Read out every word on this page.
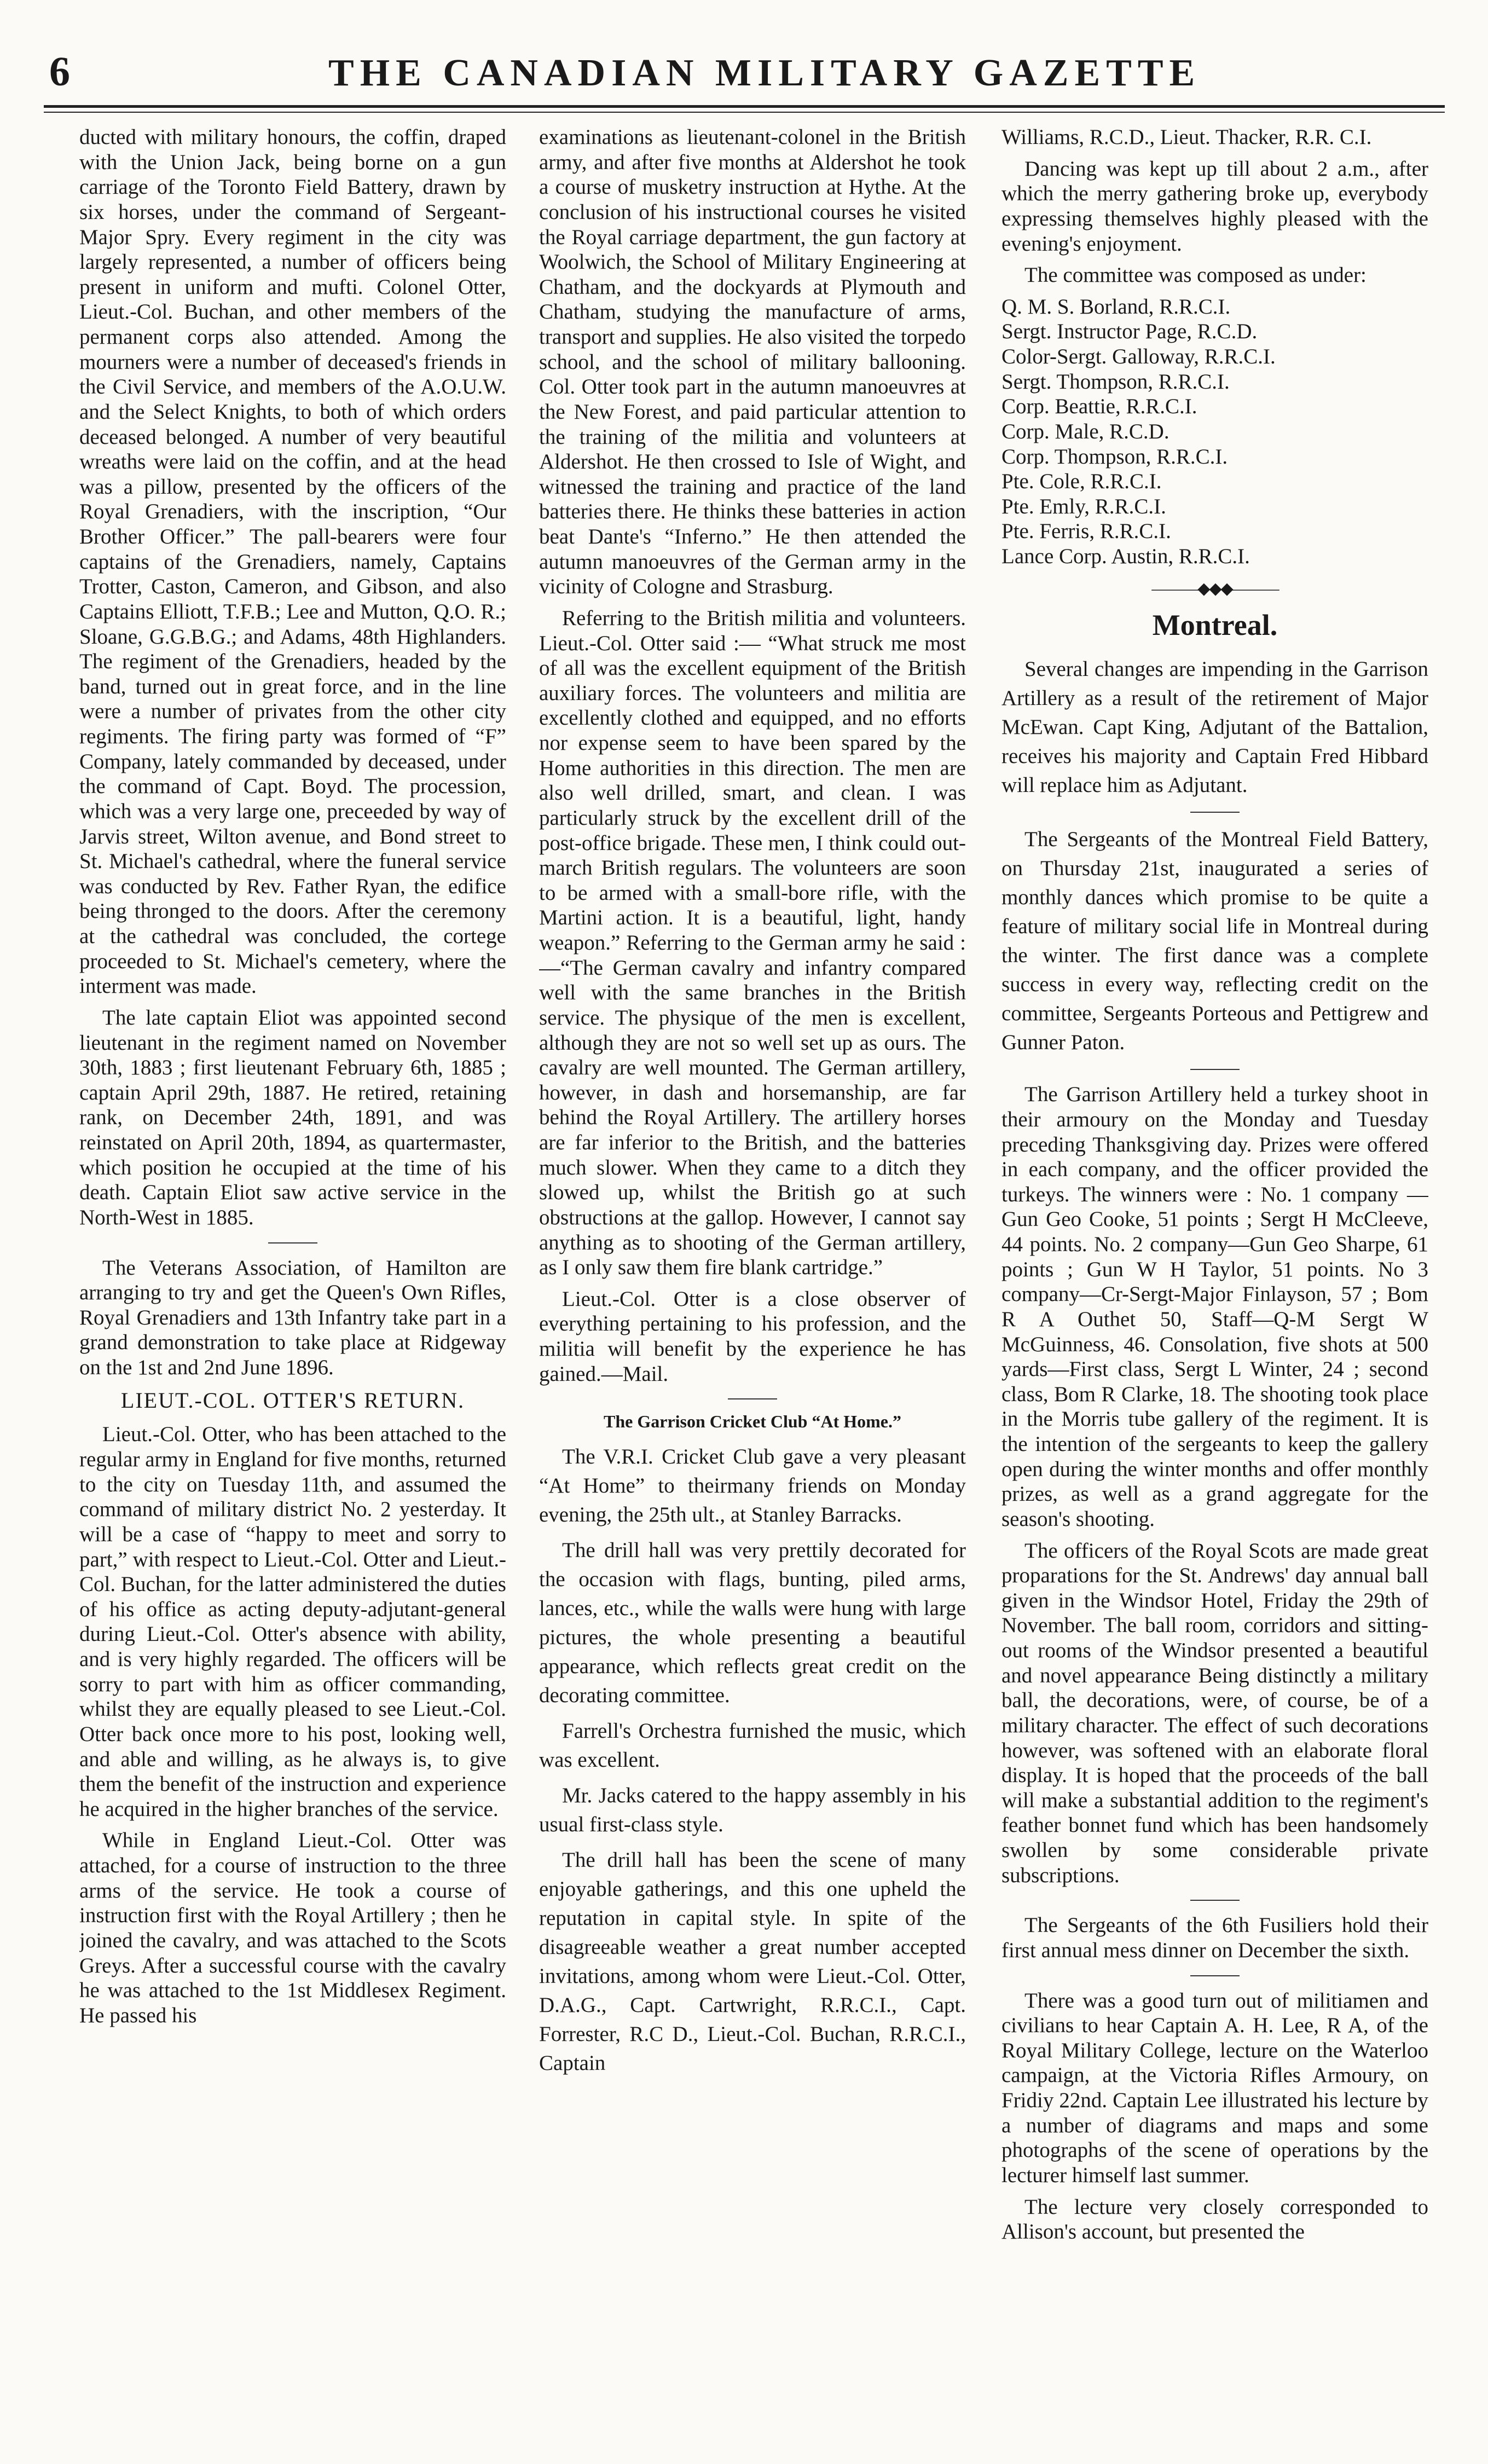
6	THE CANADIAN MILITARY GAZETTE

ducted with military honours, the coffin, draped with the Union Jack, being borne on a gun carriage of the Toronto Field Battery, drawn by six horses, under the command of Sergeant-Major Spry. Every regiment in the city was largely represented, a number of officers being present in uniform and mufti. Colonel Otter, Lieut.-Col. Buchan, and other members of the permanent corps also attended. Among the mourners were a number of deceased's friends in the Civil Service, and members of the A.O.U.W. and the Select Knights, to both of which orders deceased belonged. A number of very beautiful wreaths were laid on the coffin, and at the head was a pillow, presented by the officers of the Royal Grenadiers, with the inscription, “Our Brother Officer.” The pall-bearers were four captains of the Grenadiers, namely, Captains Trotter, Caston, Cameron, and Gibson, and also Captains Elliott, T.F.B.; Lee and Mutton, Q.O. R.; Sloane, G.G.B.G.; and Adams, 48th Highlanders. The regiment of the Grenadiers, headed by the band, turned out in great force, and in the line were a number of privates from the other city regiments. The firing party was formed of “F” Company, lately commanded by deceased, under the command of Capt. Boyd. The procession, which was a very large one, preceeded by way of Jarvis street, Wilton avenue, and Bond street to St. Michael's cathedral, where the funeral service was conducted by Rev. Father Ryan, the edifice being thronged to the doors. After the ceremony at the cathedral was concluded, the cortege proceeded to St. Michael's cemetery, where the interment was made.

The late captain Eliot was appointed second lieutenant in the regiment named on November 30th, 1883 ; first lieutenant February 6th, 1885 ; captain April 29th, 1887. He retired, retaining rank, on December 24th, 1891, and was reinstated on April 20th, 1894, as quartermaster, which position he occupied at the time of his death. Captain Eliot saw active service in the North-West in 1885.

The Veterans Association, of Hamilton are arranging to try and get the Queen's Own Rifles, Royal Grenadiers and 13th Infantry take part in a grand demonstration to take place at Ridgeway on the 1st and 2nd June 1896.

LIEUT.-COL. OTTER'S RETURN.

Lieut.-Col. Otter, who has been attached to the regular army in England for five months, returned to the city on Tuesday 11th, and assumed the command of military district No. 2 yesterday. It will be a case of “happy to meet and sorry to part,” with respect to Lieut.-Col. Otter and Lieut.-Col. Buchan, for the latter administered the duties of his office as acting deputy-adjutant-general during Lieut.-Col. Otter's absence with ability, and is very highly regarded. The officers will be sorry to part with him as officer commanding, whilst they are equally pleased to see Lieut.-Col. Otter back once more to his post, looking well, and able and willing, as he always is, to give them the benefit of the instruction and experience he acquired in the higher branches of the service.

While in England Lieut.-Col. Otter was attached, for a course of instruction to the three arms of the service. He took a course of instruction first with the Royal Artillery ; then he joined the cavalry, and was attached to the Scots Greys. After a successful course with the cavalry he was attached to the 1st Middlesex Regiment. He passed his

examinations as lieutenant-colonel in the British army, and after five months at Aldershot he took a course of musketry instruction at Hythe. At the conclusion of his instructional courses he visited the Royal carriage department, the gun factory at Woolwich, the School of Military Engineering at Chatham, and the dockyards at Plymouth and Chatham, studying the manufacture of arms, transport and supplies. He also visited the torpedo school, and the school of military ballooning. Col. Otter took part in the autumn manoeuvres at the New Forest, and paid particular attention to the training of the militia and volunteers at Aldershot. He then crossed to Isle of Wight, and witnessed the training and practice of the land batteries there. He thinks these batteries in action beat Dante's “Inferno.” He then attended the autumn manoeuvres of the German army in the vicinity of Cologne and Strasburg.

Referring to the British militia and volunteers. Lieut.-Col. Otter said :— “What struck me most of all was the excellent equipment of the British auxiliary forces. The volunteers and militia are excellently clothed and equipped, and no efforts nor expense seem to have been spared by the Home authorities in this direction. The men are also well drilled, smart, and clean. I was particularly struck by the excellent drill of the post-office brigade. These men, I think could out-march British regulars. The volunteers are soon to be armed with a small-bore rifle, with the Martini action. It is a beautiful, light, handy weapon.” Referring to the German army he said : —“The German cavalry and infantry compared well with the same branches in the British service. The physique of the men is excellent, although they are not so well set up as ours. The cavalry are well mounted. The German artillery, however, in dash and horsemanship, are far behind the Royal Artillery. The artillery horses are far inferior to the British, and the batteries much slower. When they came to a ditch they slowed up, whilst the British go at such obstructions at the gallop. However, I cannot say anything as to shooting of the German artillery, as I only saw them fire blank cartridge.”

Lieut.-Col. Otter is a close observer of everything pertaining to his profession, and the militia will benefit by the experience he has gained.—Mail.

The Garrison Cricket Club “At Home.”

The V.R.I. Cricket Club gave a very pleasant “At Home” to theirmany friends on Monday evening, the 25th ult., at Stanley Barracks.

The drill hall was very prettily decorated for the occasion with flags, bunting, piled arms, lances, etc., while the walls were hung with large pictures, the whole presenting a beautiful appearance, which reflects great credit on the decorating committee.

Farrell's Orchestra furnished the music, which was excellent.

Mr. Jacks catered to the happy assembly in his usual first-class style.

The drill hall has been the scene of many enjoyable gatherings, and this one upheld the reputation in capital style. In spite of the disagreeable weather a great number accepted invitations, among whom were Lieut.-Col. Otter, D.A.G., Capt. Cartwright, R.R.C.I., Capt. Forrester, R.C D., Lieut.-Col. Buchan, R.R.C.I., Captain

Williams, R.C.D., Lieut. Thacker, R.R. C.I.

Dancing was kept up till about 2 a.m., after which the merry gathering broke up, everybody expressing themselves highly pleased with the evening's enjoyment.

The committee was composed as under:

Q. M. S. Borland, R.R.C.I.
Sergt. Instructor Page, R.C.D.
Color-Sergt. Galloway, R.R.C.I.
Sergt. Thompson, R.R.C.I.
Corp. Beattie, R.R.C.I.
Corp. Male, R.C.D.
Corp. Thompson, R.R.C.I.
Pte. Cole, R.R.C.I.
Pte. Emly, R.R.C.I.
Pte. Ferris, R.R.C.I.
Lance Corp. Austin, R.R.C.I.
———◆◆◆———
Montreal.

Several changes are impending in the Garrison Artillery as a result of the retirement of Major McEwan. Capt King, Adjutant of the Battalion, receives his majority and Captain Fred Hibbard will replace him as Adjutant.

The Sergeants of the Montreal Field Battery, on Thursday 21st, inaugurated a series of monthly dances which promise to be quite a feature of military social life in Montreal during the winter. The first dance was a complete success in every way, reflecting credit on the committee, Sergeants Porteous and Pettigrew and Gunner Paton.

The Garrison Artillery held a turkey shoot in their armoury on the Monday and Tuesday preceding Thanksgiving day. Prizes were offered in each company, and the officer provided the turkeys. The winners were : No. 1 company —Gun Geo Cooke, 51 points ; Sergt H McCleeve, 44 points. No. 2 company—Gun Geo Sharpe, 61 points ; Gun W H Taylor, 51 points. No 3 company—Cr-Sergt-Major Finlayson, 57 ; Bom R A Outhet 50, Staff—Q-M Sergt W McGuinness, 46. Consolation, five shots at 500 yards—First class, Sergt L Winter, 24 ; second class, Bom R Clarke, 18. The shooting took place in the Morris tube gallery of the regiment. It is the intention of the sergeants to keep the gallery open during the winter months and offer monthly prizes, as well as a grand aggregate for the season's shooting.

The officers of the Royal Scots are made great proparations for the St. Andrews' day annual ball given in the Windsor Hotel, Friday the 29th of November. The ball room, corridors and sitting-out rooms of the Windsor presented a beautiful and novel appearance Being distinctly a military ball, the decorations, were, of course, be of a military character. The effect of such decorations however, was softened with an elaborate floral display. It is hoped that the proceeds of the ball will make a substantial addition to the regiment's feather bonnet fund which has been handsomely swollen by some considerable private subscriptions.

The Sergeants of the 6th Fusiliers hold their first annual mess dinner on December the sixth.

There was a good turn out of militiamen and civilians to hear Captain A. H. Lee, R A, of the Royal Military College, lecture on the Waterloo campaign, at the Victoria Rifles Armoury, on Fridiy 22nd. Captain Lee illustrated his lecture by a number of diagrams and maps and some photographs of the scene of operations by the lecturer himself last summer.

The lecture very closely corresponded to Allison's account, but presented the
